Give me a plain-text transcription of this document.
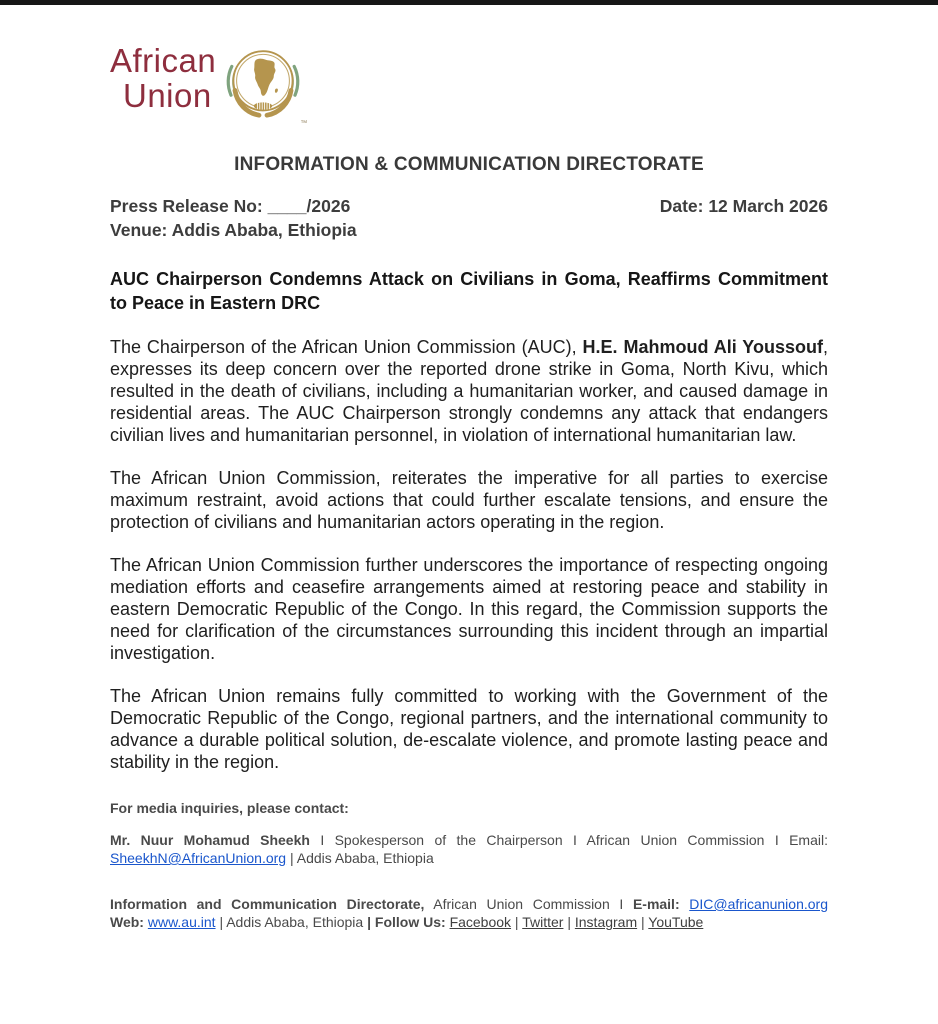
African
Union
™
INFORMATION & COMMUNICATION DIRECTORATE
Press Release No: ____/2026	Date: 12 March 2026
Venue: Addis Ababa, Ethiopia
AUC Chairperson Condemns Attack on Civilians in Goma, Reaffirms Commitment to Peace in Eastern DRC
The Chairperson of the African Union Commission (AUC), H.E. Mahmoud Ali Youssouf, expresses its deep concern over the reported drone strike in Goma, North Kivu, which resulted in the death of civilians, including a humanitarian worker, and caused damage in residential areas. The AUC Chairperson strongly condemns any attack that endangers civilian lives and humanitarian personnel, in violation of international humanitarian law.
The African Union Commission, reiterates the imperative for all parties to exercise maximum restraint, avoid actions that could further escalate tensions, and ensure the protection of civilians and humanitarian actors operating in the region.
The African Union Commission further underscores the importance of respecting ongoing mediation efforts and ceasefire arrangements aimed at restoring peace and stability in eastern Democratic Republic of the Congo. In this regard, the Commission supports the need for clarification of the circumstances surrounding this incident through an impartial investigation.
The African Union remains fully committed to working with the Government of the Democratic Republic of the Congo, regional partners, and the international community to advance a durable political solution, de-escalate violence, and promote lasting peace and stability in the region.
For media inquiries, please contact:
Mr. Nuur Mohamud Sheekh I Spokesperson of the Chairperson I African Union Commission I Email: SheekhN@AfricanUnion.org | Addis Ababa, Ethiopia
Information and Communication Directorate, African Union Commission I E-mail: DIC@africanunion.org
Web: www.au.int | Addis Ababa, Ethiopia | Follow Us: Facebook | Twitter | Instagram | YouTube
